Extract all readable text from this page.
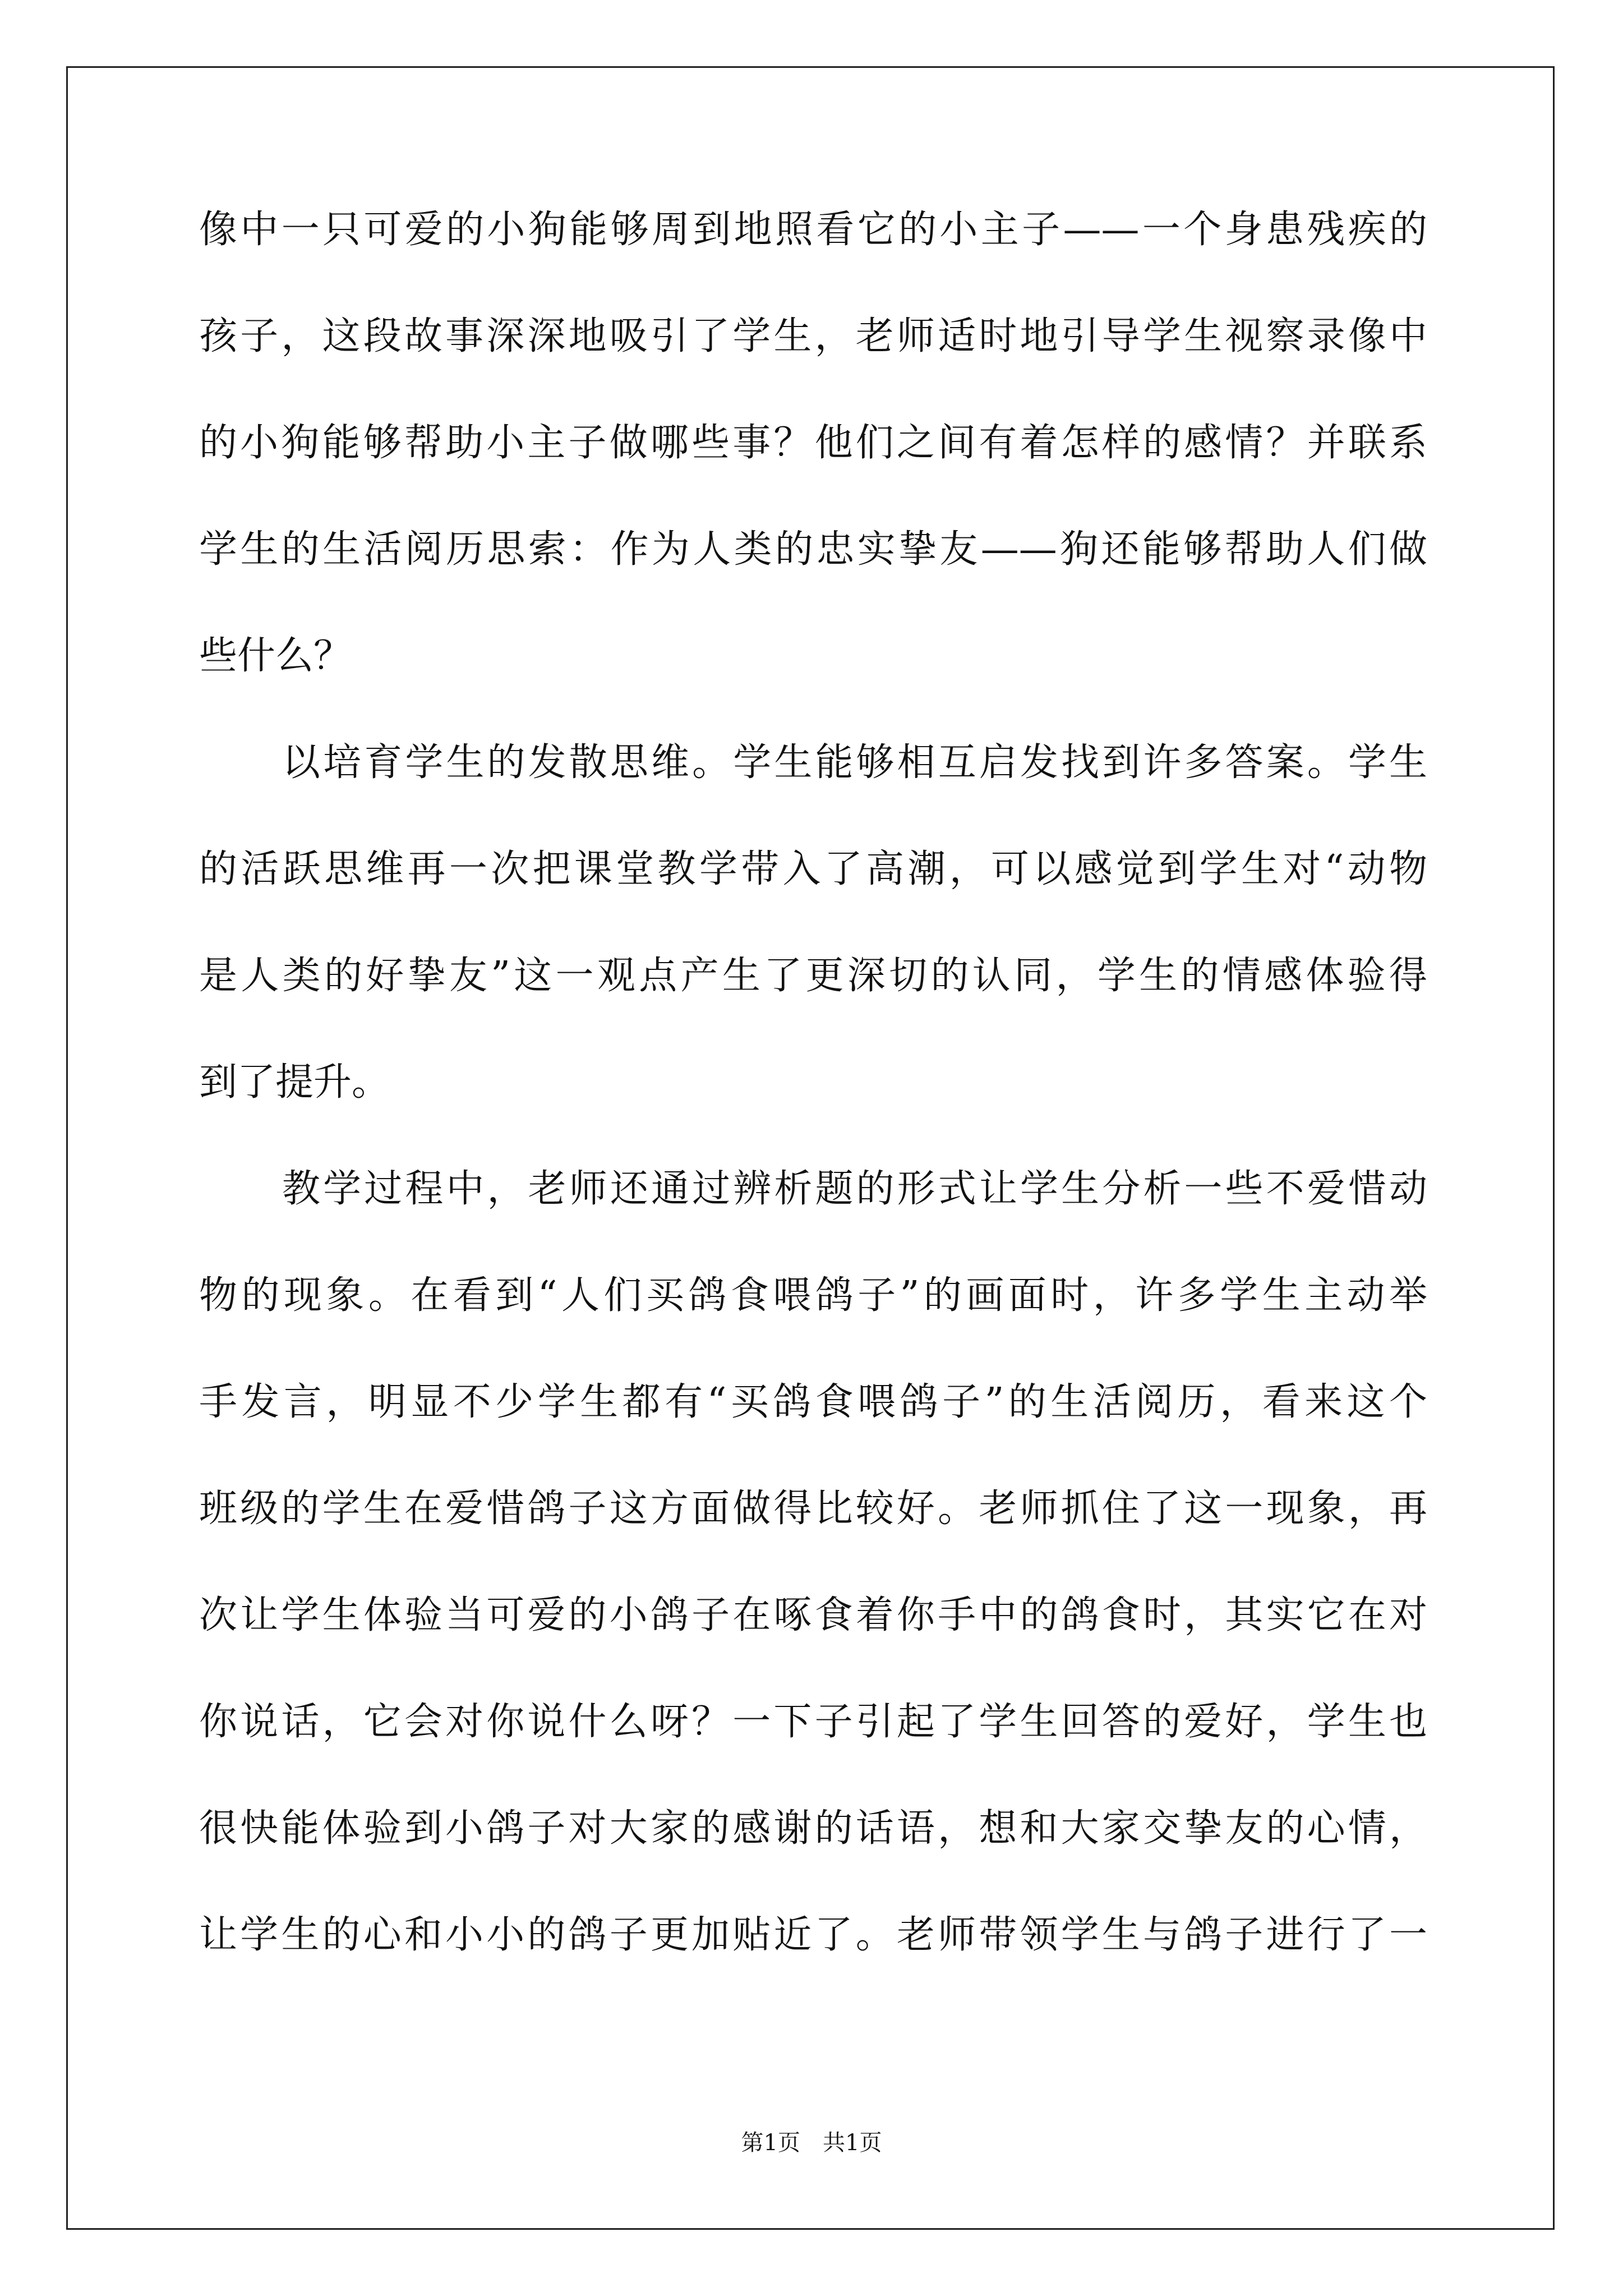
像中一只可爱的小狗能够周到地照看它的小主子——一个身患残疾的
孩子，这段故事深深地吸引了学生，老师适时地引导学生视察录像中
的小狗能够帮助小主子做哪些事？他们之间有着怎样的感情？并联系
学生的生活阅历思索：作为人类的忠实挚友——狗还能够帮助人们做
些什么？
以培育学生的发散思维。学生能够相互启发找到许多答案。学生
的活跃思维再一次把课堂教学带入了高潮，可以感觉到学生对“动物
是人类的好挚友”这一观点产生了更深切的认同，学生的情感体验得
到了提升。
教学过程中，老师还通过辨析题的形式让学生分析一些不爱惜动
物的现象。在看到“人们买鸽食喂鸽子”的画面时，许多学生主动举
手发言，明显不少学生都有“买鸽食喂鸽子”的生活阅历，看来这个
班级的学生在爱惜鸽子这方面做得比较好。老师抓住了这一现象，再
次让学生体验当可爱的小鸽子在啄食着你手中的鸽食时，其实它在对
你说话，它会对你说什么呀？一下子引起了学生回答的爱好，学生也
很快能体验到小鸽子对大家的感谢的话语，想和大家交挚友的心情，
让学生的心和小小的鸽子更加贴近了。老师带领学生与鸽子进行了一
第1页　共1页
